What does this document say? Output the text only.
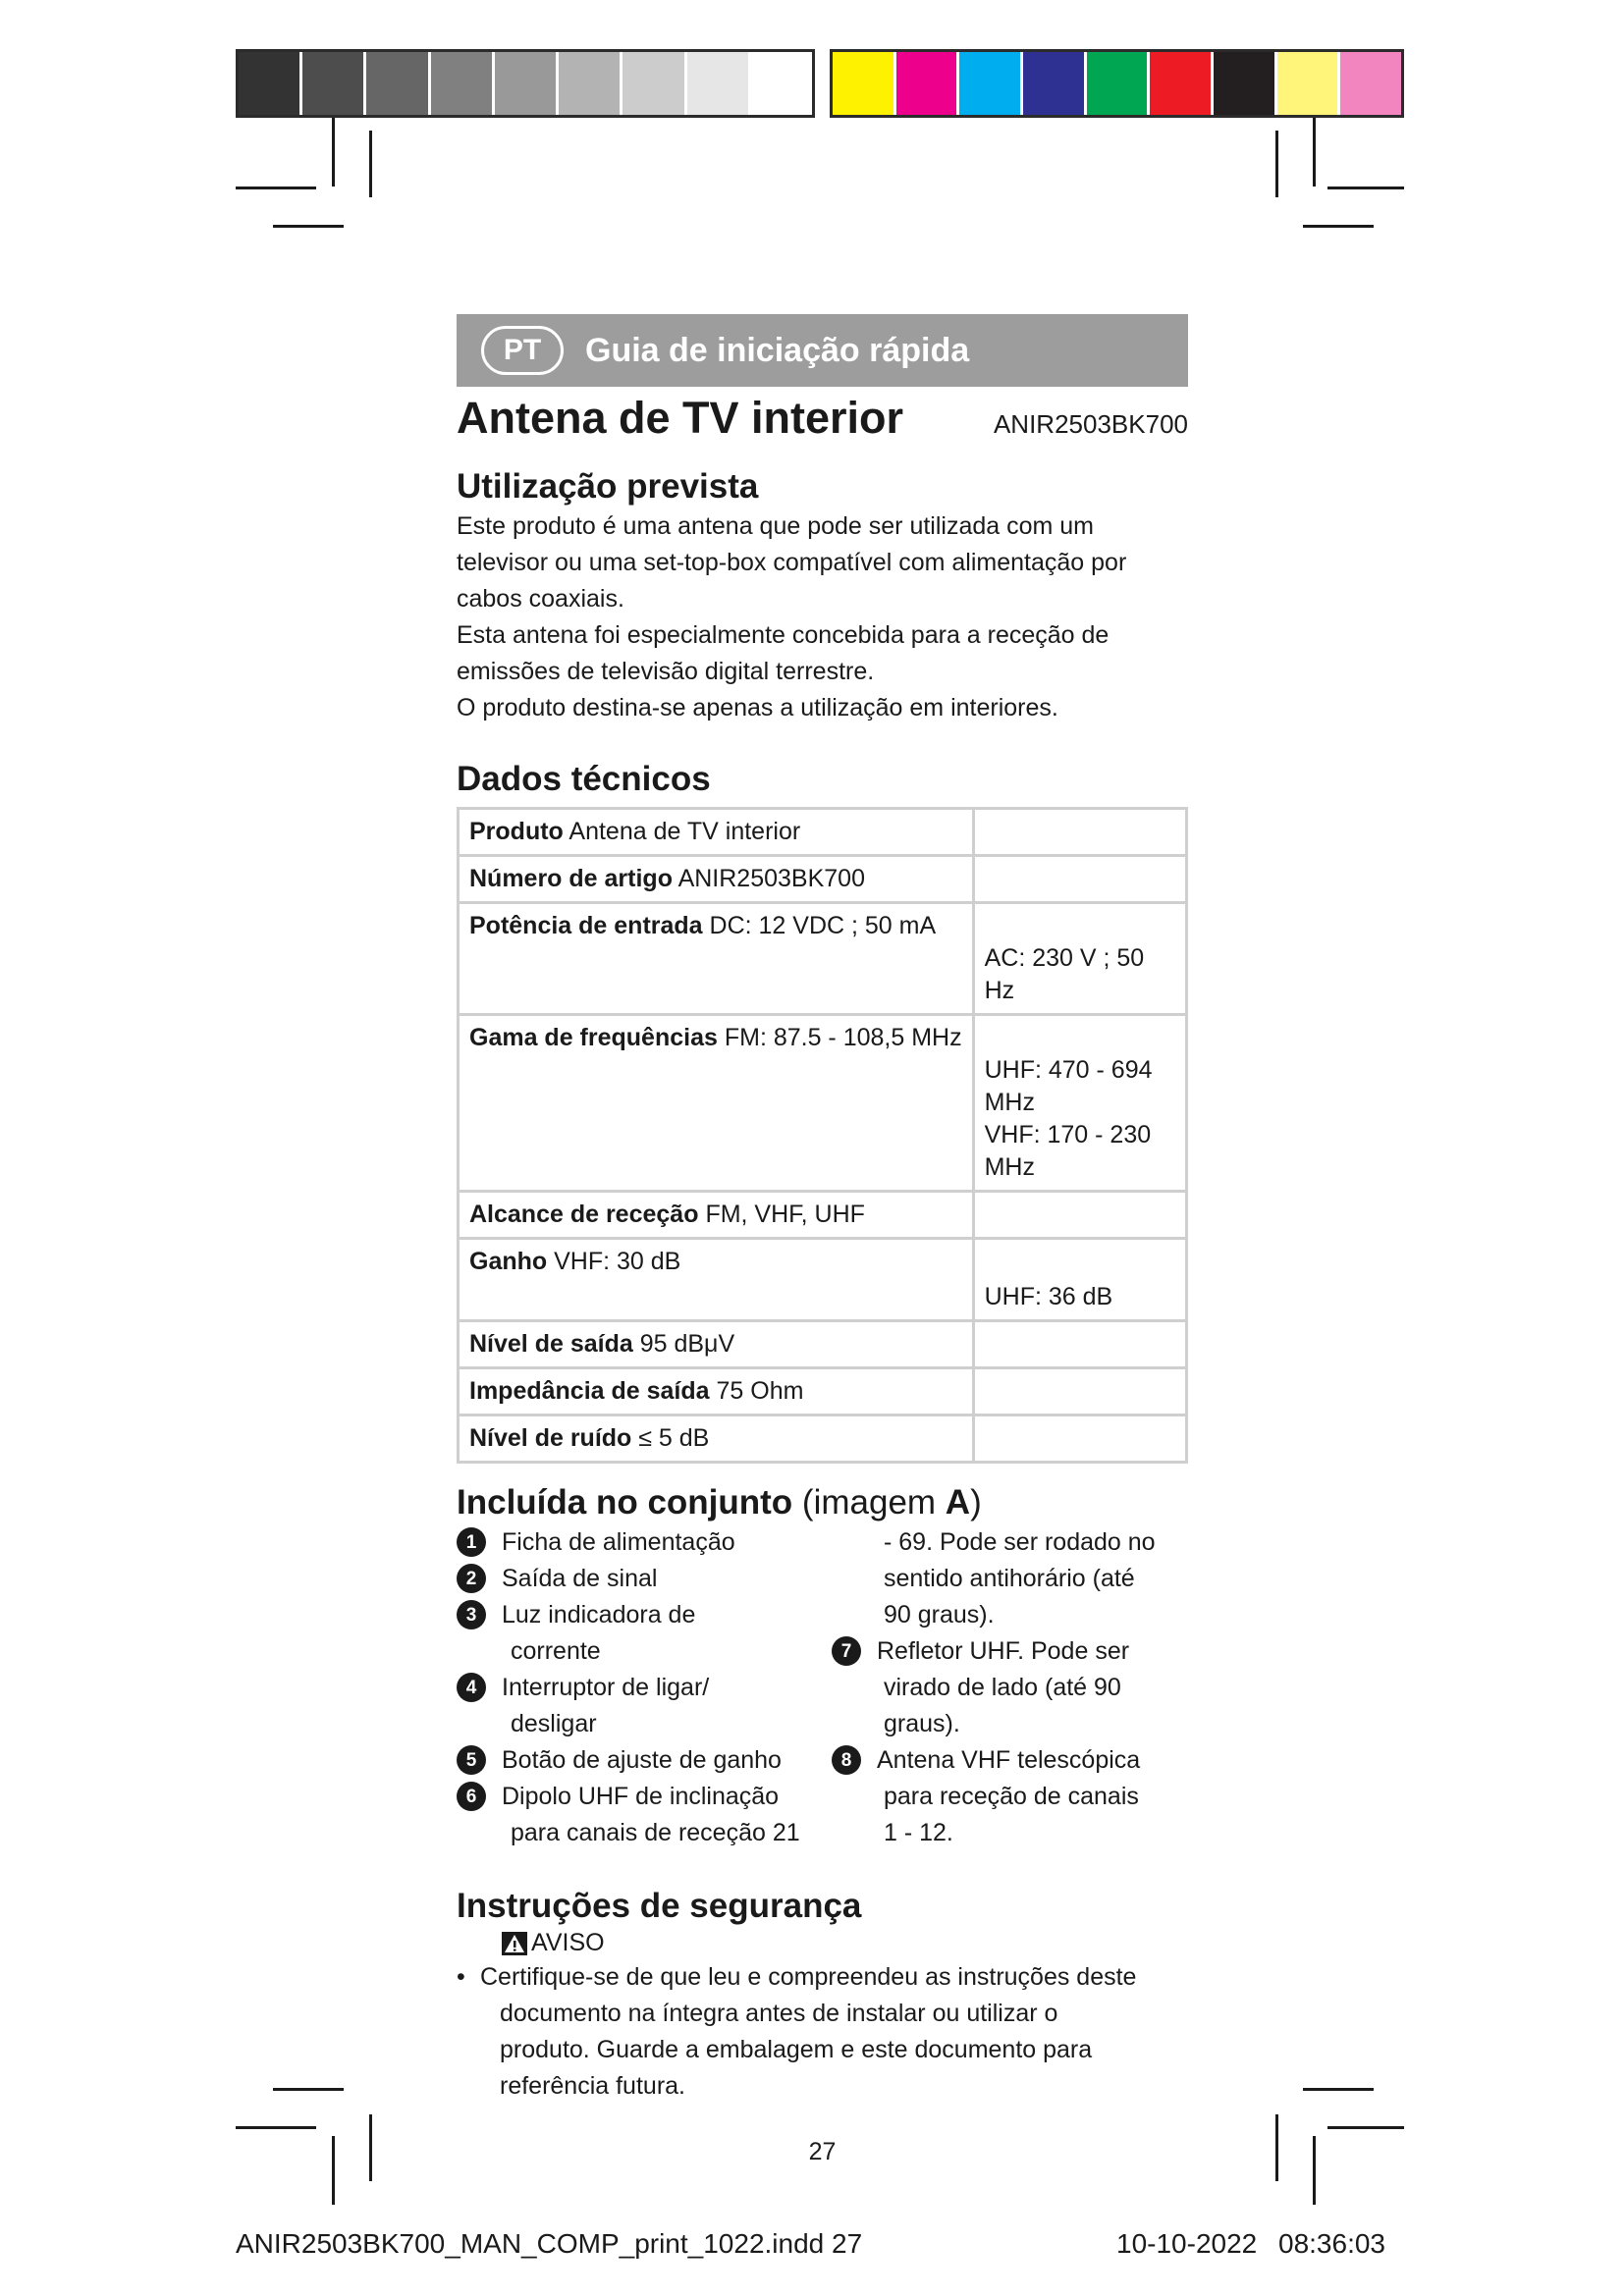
PT	Guia de iniciação rápida
Antena de TV interior	ANIR2503BK700
Utilização prevista

Este produto é uma antena que pode ser utilizada com um

televisor ou uma set-top-box compatível com alimentação por

cabos coaxiais.

Esta antena foi especialmente concebida para a receção de

emissões de televisão digital terrestre.

O produto destina-se apenas a utilização em interiores.

Dados técnicos
Produto Antena de TV interior	
Número de artigo ANIR2503BK700	
Potência de entrada DC: 12 VDC ; 50 mA	AC: 230 V ; 50 Hz
Gama de frequências FM: 87.5 - 108,5 MHz	UHF: 470 - 694 MHz
VHF: 170 - 230 MHz

Alcance de receção FM, VHF, UHF	
Ganho VHF: 30 dB	UHF: 36 dB
Nível de saída 95 dBμV	
Impedância de saída 75 Ohm	
Nível de ruído ≤ 5 dB	
Incluída no conjunto (imagem A)
1	Ficha de alimentação
2	Saída de sinal
3	Luz indicadora de
corrente
4	Interruptor de ligar/
desligar
5	Botão de ajuste de ganho
6	Dipolo UHF de inclinação
para canais de receção 21
- 69. Pode ser rodado no
sentido antihorário (até
90 graus).
7	Refletor UHF. Pode ser
virado de lado (até 90
graus).
8	Antena VHF telescópica
para receção de canais
1 - 12.
Instruções de segurança
AVISO
• Certifique-se de que leu e compreendeu as instruções deste
documento na íntegra antes de instalar ou utilizar o
produto. Guarde a embalagem e este documento para
referência futura.
27
ANIR2503BK700_MAN_COMP_print_1022.indd 27	10-10-2022 08:36:03
